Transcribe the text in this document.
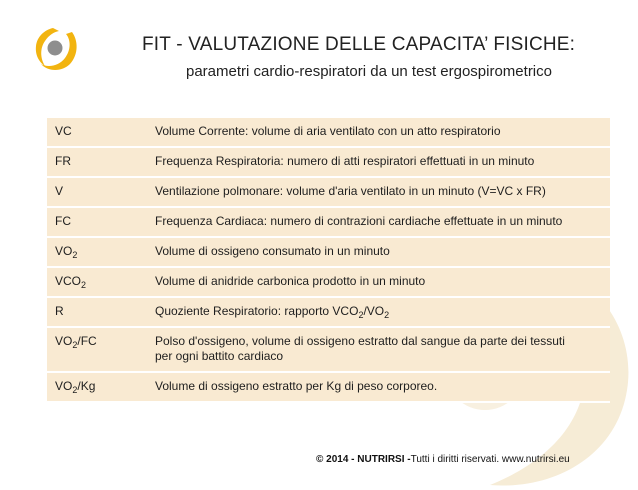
FIT - VALUTAZIONE DELLE CAPACITA’ FISICHE:
parametri cardio-respiratori da un test ergospirometrico
VC	Volume Corrente: volume di aria ventilato con un atto respiratorio
FR	Frequenza Respiratoria: numero di atti respiratori effettuati in un minuto
V	Ventilazione polmonare: volume d'aria ventilato in un minuto (V=VC x FR)
FC	Frequenza Cardiaca: numero di contrazioni cardiache effettuate in un minuto
$VO_2$	Volume di ossigeno consumato in un minuto
$VCO_2$	Volume di anidride carbonica prodotto in un minuto
R	Quoziente Respiratorio: rapporto $VCO_2/VO_2$
$VO_2/FC$	Polso d'ossigeno, volume di ossigeno estratto dal sangue da parte dei tessuti
per ogni battito cardiaco
$VO_2/Kg$	Volume di ossigeno estratto per Kg di peso corporeo.
© 2014 - NUTRIRSI -Tutti i diritti riservati. www.nutrirsi.eu
